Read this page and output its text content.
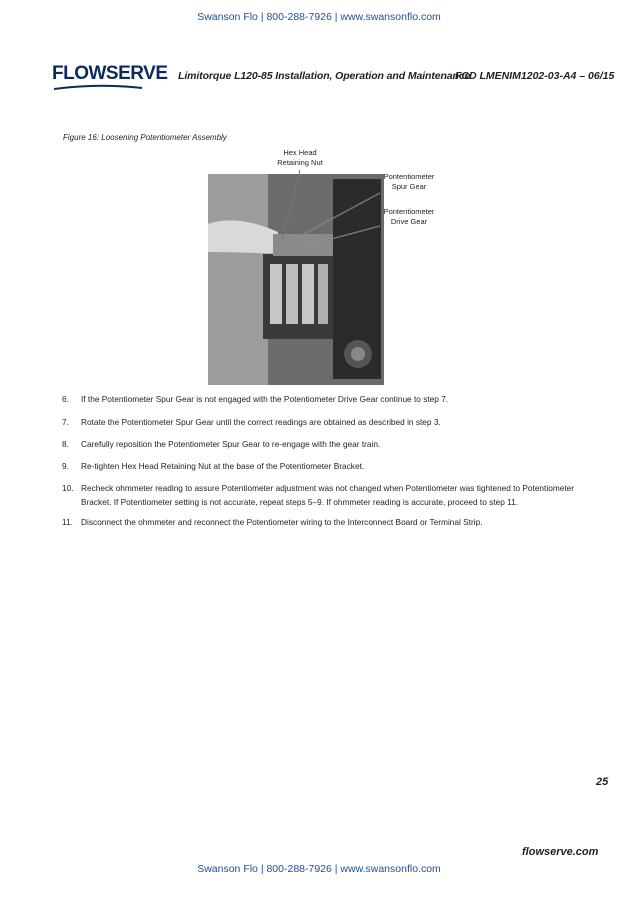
Swanson Flo | 800-288-7926 | www.swansonflo.com
FLOWSERVE Limitorque L120-85 Installation, Operation and Maintenance
FCD LMENIM1202-03-A4 – 06/15
Figure 16: Loosening Potentiometer Assembly
Hex Head
Retaining Nut
Pontentiometer
Spur Gear
Pontentiometer
Drive Gear
6.	If the Potentiometer Spur Gear is not engaged with the Potentiometer Drive Gear continue to step 7.
7.	Rotate the Potentiometer Spur Gear until the correct readings are obtained as described in step 3.
8.	Carefully reposition the Potentiometer Spur Gear to re-engage with the gear train.
9.	Re-tighten Hex Head Retaining Nut at the base of the Potentiometer Bracket.
10. Recheck ohmmeter reading to assure Potentiometer adjustment was not changed when Potentiometer was tightened to Potentiometer Bracket. If Potentiometer setting is not accurate, repeat steps 5–9. If ohmmeter reading is accurate, proceed to step 11.
11. Disconnect the ohmmeter and reconnect the Potentiometer wiring to the Interconnect Board or Terminal Strip.
25
flowserve.com
Swanson Flo | 800-288-7926 | www.swansonflo.com
